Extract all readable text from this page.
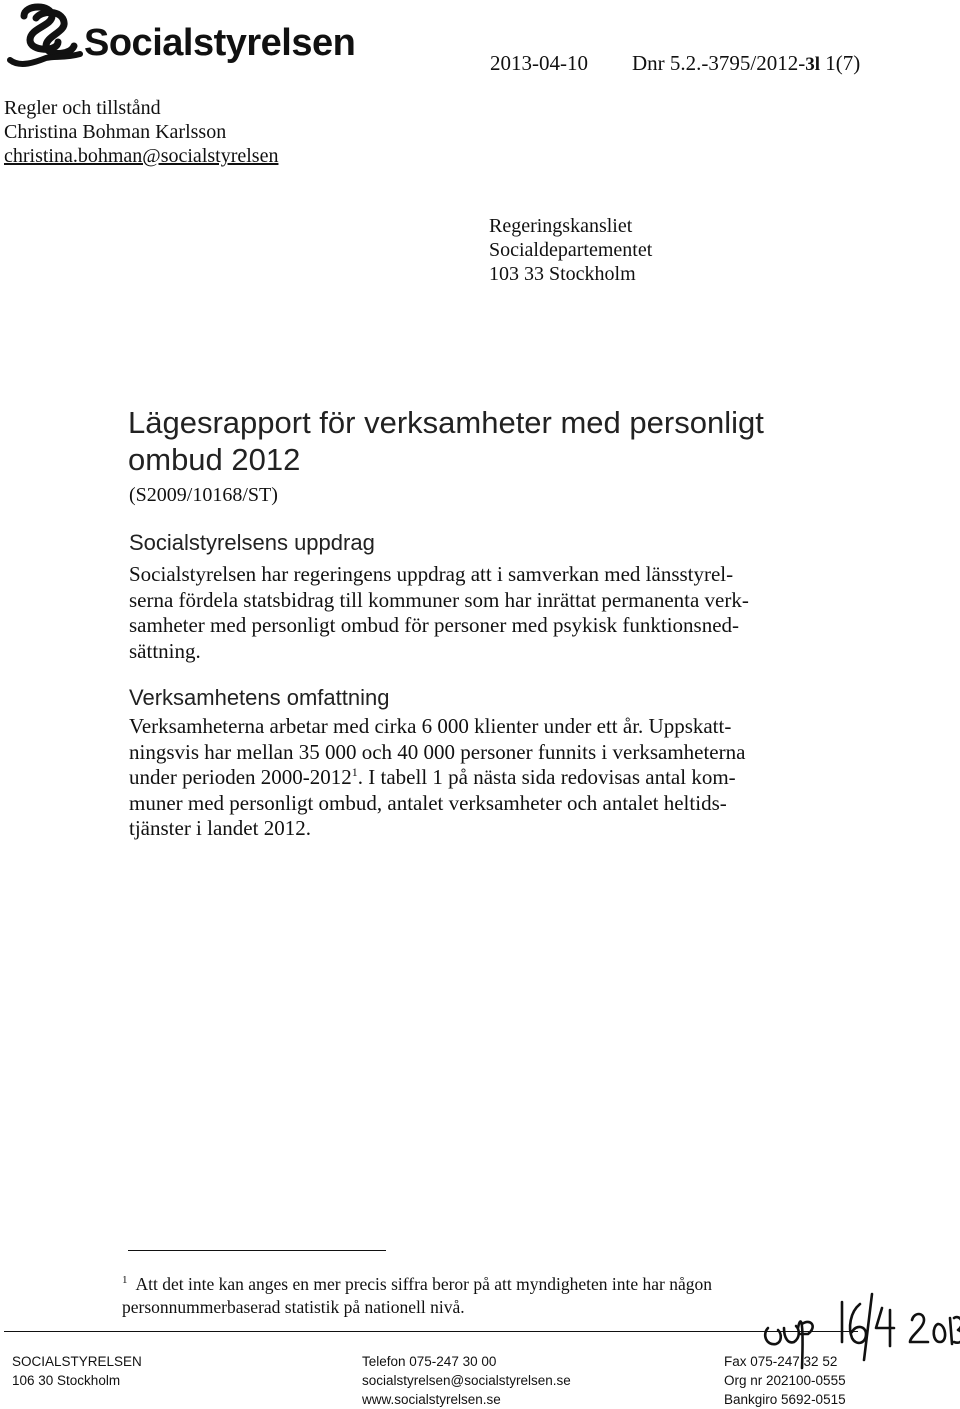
Socialstyrelsen	2013-04-10 Dnr 5.2.-3795/2012-3l 1(7)
Regler och tillstånd
Christina Bohman Karlsson
christina.bohman@socialstyrelsen
Regeringskansliet
Socialdepartementet
103 33 Stockholm
Lägesrapport för verksamheter med personligt
ombud 2012
(S2009/10168/ST)
Socialstyrelsens uppdrag
Socialstyrelsen har regeringens uppdrag att i samverkan med länsstyrel-
serna fördela statsbidrag till kommuner som har inrättat permanenta verk-
samheter med personligt ombud för personer med psykisk funktionsned-
sättning.
Verksamhetens omfattning
Verksamheterna arbetar med cirka 6 000 klienter under ett år. Uppskatt-
ningsvis har mellan 35 000 och 40 000 personer funnits i verksamheterna
under perioden 2000-2012$^1$. I tabell 1 på nästa sida redovisas antal kom-
muner med personligt ombud, antalet verksamheter och antalet heltids-
tjänster i landet 2012.
$^1$ Att det inte kan anges en mer precis siffra beror på att myndigheten inte har någon
personnummerbaserad statistik på nationell nivå.
SOCIALSTYRELSEN
106 30 Stockholm
Telefon 075-247 30 00
socialstyrelsen@socialstyrelsen.se
www.socialstyrelsen.se
Fax 075-247 32 52
Org nr 202100-0555
Bankgiro 5692-0515
